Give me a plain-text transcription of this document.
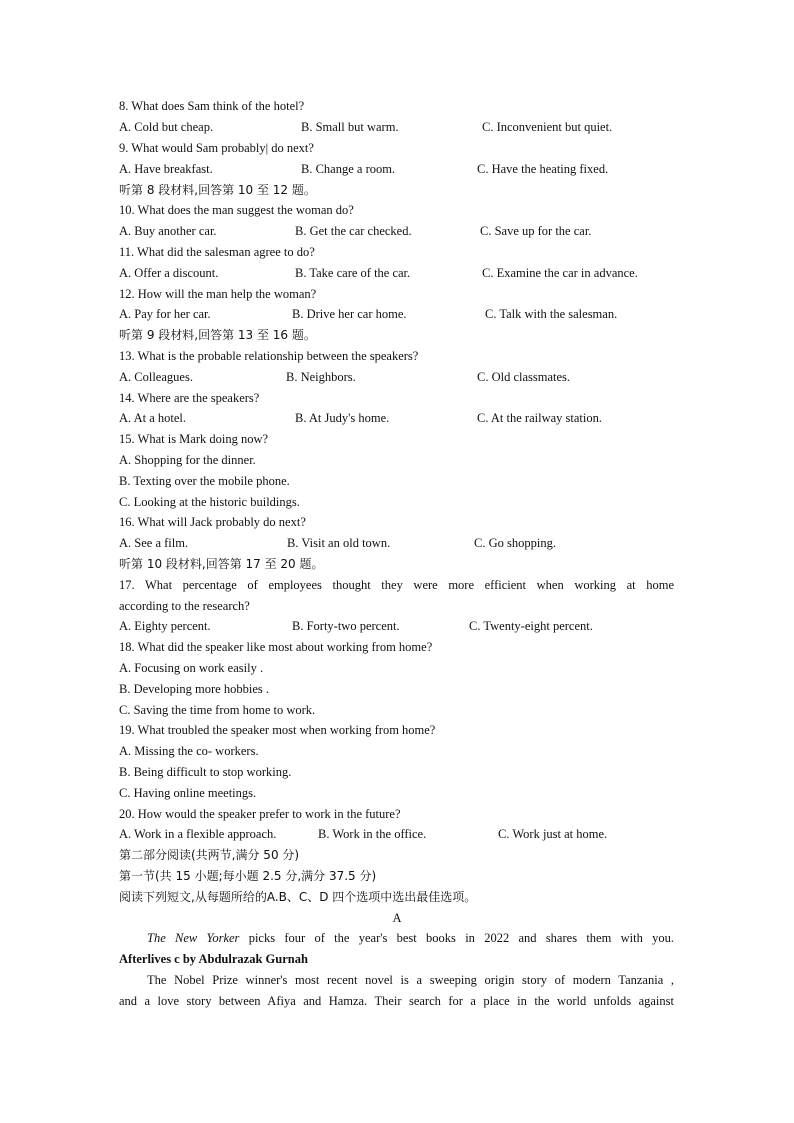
8. What does Sam think of the hotel?
A. Cold but cheap.	B. Small but warm.	C. Inconvenient but quiet.
9. What would Sam probably| do next?
A. Have breakfast.	B. Change a room.	C. Have the heating fixed.
听第 8 段材料,回答第 10 至 12 题。
10. What does the man suggest the woman do?
A. Buy another car.	B. Get the car checked.	C. Save up for the car.
11. What did the salesman agree to do?
A. Offer a discount.	B. Take care of the car.	C. Examine the car in advance.
12. How will the man help the woman?
A. Pay for her car.	B. Drive her car home.	C. Talk with the salesman.
听第 9 段材料,回答第 13 至 16 题。
13. What is the probable relationship between the speakers?
A. Colleagues.	B. Neighbors.	C. Old classmates.
14. Where are the speakers?
A. At a hotel.	B. At Judy's home.	C. At the railway station.
15. What is Mark doing now?
A. Shopping for the dinner.
B. Texting over the mobile phone.
C. Looking at the historic buildings.
16. What will Jack probably do next?
A. See a film.	B. Visit an old town.	C. Go shopping.
听第 10 段材料,回答第 17 至 20 题。
17. What percentage of employees thought they were more efficient when working at home
according to the research?
A. Eighty percent.	B. Forty-two percent.	C. Twenty-eight percent.
18. What did the speaker like most about working from home?
A. Focusing on work easily .
B. Developing more hobbies .
C. Saving the time from home to work.
19. What troubled the speaker most when working from home?
A. Missing the co- workers.
B. Being difficult to stop working.
C. Having online meetings.
20. How would the speaker prefer to work in the future?
A. Work in a flexible approach.	B. Work in the office.	C. Work just at home.
第二部分阅读(共两节,满分 50 分)
第一节(共 15 小题;每小题 2.5 分,满分 37.5 分)
阅读下列短文,从每题所给的A.B、C、D 四个选项中选出最佳选项。
A
The New Yorker picks four of the year's best books in 2022 and shares them with you.
Afterlives c by Abdulrazak Gurnah
The Nobel Prize winner's most recent novel is a sweeping origin story of modern Tanzania ,
and a love story between Afiya and Hamza. Their search for a place in the world unfolds against
